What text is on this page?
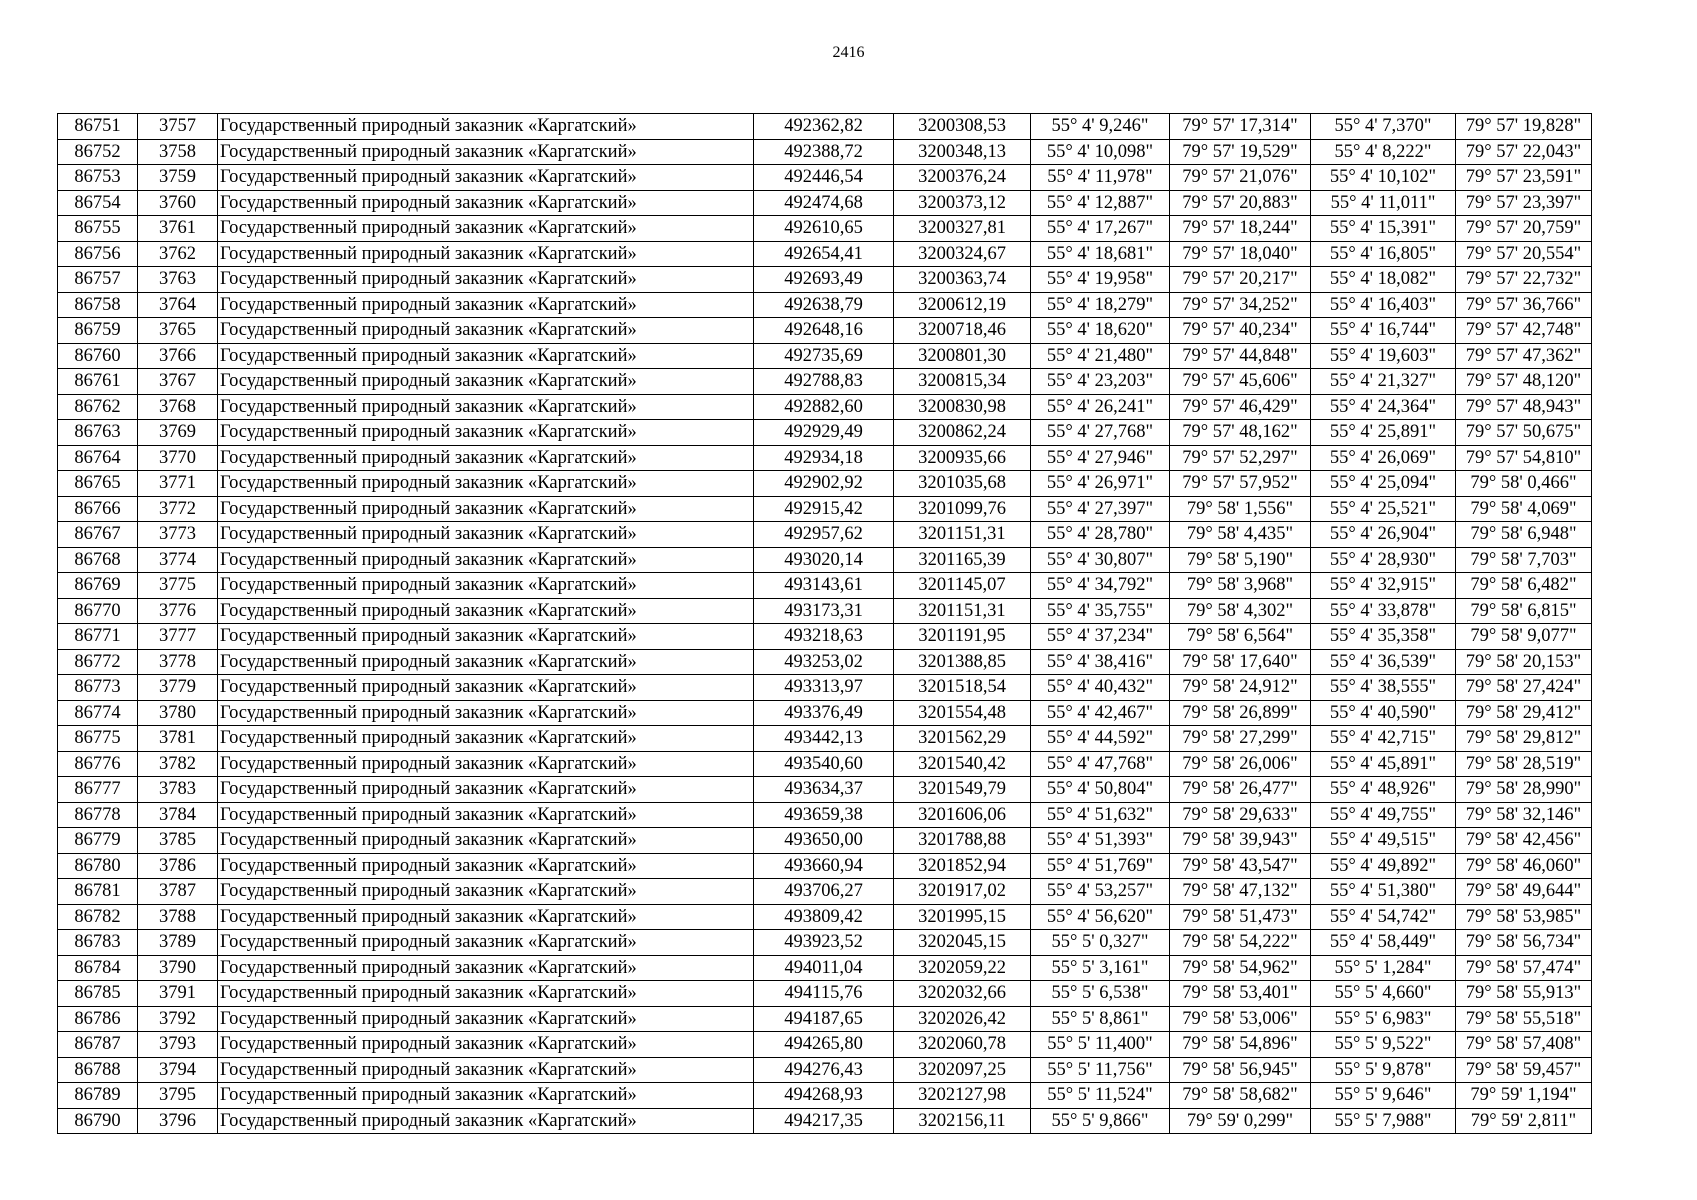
2416
86751	3757	Государственный природный заказник «Каргатский»	492362,82	3200308,53	55° 4' 9,246"	79° 57' 17,314"	55° 4' 7,370"	79° 57' 19,828"
86752	3758	Государственный природный заказник «Каргатский»	492388,72	3200348,13	55° 4' 10,098"	79° 57' 19,529"	55° 4' 8,222"	79° 57' 22,043"
86753	3759	Государственный природный заказник «Каргатский»	492446,54	3200376,24	55° 4' 11,978"	79° 57' 21,076"	55° 4' 10,102"	79° 57' 23,591"
86754	3760	Государственный природный заказник «Каргатский»	492474,68	3200373,12	55° 4' 12,887"	79° 57' 20,883"	55° 4' 11,011"	79° 57' 23,397"
86755	3761	Государственный природный заказник «Каргатский»	492610,65	3200327,81	55° 4' 17,267"	79° 57' 18,244"	55° 4' 15,391"	79° 57' 20,759"
86756	3762	Государственный природный заказник «Каргатский»	492654,41	3200324,67	55° 4' 18,681"	79° 57' 18,040"	55° 4' 16,805"	79° 57' 20,554"
86757	3763	Государственный природный заказник «Каргатский»	492693,49	3200363,74	55° 4' 19,958"	79° 57' 20,217"	55° 4' 18,082"	79° 57' 22,732"
86758	3764	Государственный природный заказник «Каргатский»	492638,79	3200612,19	55° 4' 18,279"	79° 57' 34,252"	55° 4' 16,403"	79° 57' 36,766"
86759	3765	Государственный природный заказник «Каргатский»	492648,16	3200718,46	55° 4' 18,620"	79° 57' 40,234"	55° 4' 16,744"	79° 57' 42,748"
86760	3766	Государственный природный заказник «Каргатский»	492735,69	3200801,30	55° 4' 21,480"	79° 57' 44,848"	55° 4' 19,603"	79° 57' 47,362"
86761	3767	Государственный природный заказник «Каргатский»	492788,83	3200815,34	55° 4' 23,203"	79° 57' 45,606"	55° 4' 21,327"	79° 57' 48,120"
86762	3768	Государственный природный заказник «Каргатский»	492882,60	3200830,98	55° 4' 26,241"	79° 57' 46,429"	55° 4' 24,364"	79° 57' 48,943"
86763	3769	Государственный природный заказник «Каргатский»	492929,49	3200862,24	55° 4' 27,768"	79° 57' 48,162"	55° 4' 25,891"	79° 57' 50,675"
86764	3770	Государственный природный заказник «Каргатский»	492934,18	3200935,66	55° 4' 27,946"	79° 57' 52,297"	55° 4' 26,069"	79° 57' 54,810"
86765	3771	Государственный природный заказник «Каргатский»	492902,92	3201035,68	55° 4' 26,971"	79° 57' 57,952"	55° 4' 25,094"	79° 58' 0,466"
86766	3772	Государственный природный заказник «Каргатский»	492915,42	3201099,76	55° 4' 27,397"	79° 58' 1,556"	55° 4' 25,521"	79° 58' 4,069"
86767	3773	Государственный природный заказник «Каргатский»	492957,62	3201151,31	55° 4' 28,780"	79° 58' 4,435"	55° 4' 26,904"	79° 58' 6,948"
86768	3774	Государственный природный заказник «Каргатский»	493020,14	3201165,39	55° 4' 30,807"	79° 58' 5,190"	55° 4' 28,930"	79° 58' 7,703"
86769	3775	Государственный природный заказник «Каргатский»	493143,61	3201145,07	55° 4' 34,792"	79° 58' 3,968"	55° 4' 32,915"	79° 58' 6,482"
86770	3776	Государственный природный заказник «Каргатский»	493173,31	3201151,31	55° 4' 35,755"	79° 58' 4,302"	55° 4' 33,878"	79° 58' 6,815"
86771	3777	Государственный природный заказник «Каргатский»	493218,63	3201191,95	55° 4' 37,234"	79° 58' 6,564"	55° 4' 35,358"	79° 58' 9,077"
86772	3778	Государственный природный заказник «Каргатский»	493253,02	3201388,85	55° 4' 38,416"	79° 58' 17,640"	55° 4' 36,539"	79° 58' 20,153"
86773	3779	Государственный природный заказник «Каргатский»	493313,97	3201518,54	55° 4' 40,432"	79° 58' 24,912"	55° 4' 38,555"	79° 58' 27,424"
86774	3780	Государственный природный заказник «Каргатский»	493376,49	3201554,48	55° 4' 42,467"	79° 58' 26,899"	55° 4' 40,590"	79° 58' 29,412"
86775	3781	Государственный природный заказник «Каргатский»	493442,13	3201562,29	55° 4' 44,592"	79° 58' 27,299"	55° 4' 42,715"	79° 58' 29,812"
86776	3782	Государственный природный заказник «Каргатский»	493540,60	3201540,42	55° 4' 47,768"	79° 58' 26,006"	55° 4' 45,891"	79° 58' 28,519"
86777	3783	Государственный природный заказник «Каргатский»	493634,37	3201549,79	55° 4' 50,804"	79° 58' 26,477"	55° 4' 48,926"	79° 58' 28,990"
86778	3784	Государственный природный заказник «Каргатский»	493659,38	3201606,06	55° 4' 51,632"	79° 58' 29,633"	55° 4' 49,755"	79° 58' 32,146"
86779	3785	Государственный природный заказник «Каргатский»	493650,00	3201788,88	55° 4' 51,393"	79° 58' 39,943"	55° 4' 49,515"	79° 58' 42,456"
86780	3786	Государственный природный заказник «Каргатский»	493660,94	3201852,94	55° 4' 51,769"	79° 58' 43,547"	55° 4' 49,892"	79° 58' 46,060"
86781	3787	Государственный природный заказник «Каргатский»	493706,27	3201917,02	55° 4' 53,257"	79° 58' 47,132"	55° 4' 51,380"	79° 58' 49,644"
86782	3788	Государственный природный заказник «Каргатский»	493809,42	3201995,15	55° 4' 56,620"	79° 58' 51,473"	55° 4' 54,742"	79° 58' 53,985"
86783	3789	Государственный природный заказник «Каргатский»	493923,52	3202045,15	55° 5' 0,327"	79° 58' 54,222"	55° 4' 58,449"	79° 58' 56,734"
86784	3790	Государственный природный заказник «Каргатский»	494011,04	3202059,22	55° 5' 3,161"	79° 58' 54,962"	55° 5' 1,284"	79° 58' 57,474"
86785	3791	Государственный природный заказник «Каргатский»	494115,76	3202032,66	55° 5' 6,538"	79° 58' 53,401"	55° 5' 4,660"	79° 58' 55,913"
86786	3792	Государственный природный заказник «Каргатский»	494187,65	3202026,42	55° 5' 8,861"	79° 58' 53,006"	55° 5' 6,983"	79° 58' 55,518"
86787	3793	Государственный природный заказник «Каргатский»	494265,80	3202060,78	55° 5' 11,400"	79° 58' 54,896"	55° 5' 9,522"	79° 58' 57,408"
86788	3794	Государственный природный заказник «Каргатский»	494276,43	3202097,25	55° 5' 11,756"	79° 58' 56,945"	55° 5' 9,878"	79° 58' 59,457"
86789	3795	Государственный природный заказник «Каргатский»	494268,93	3202127,98	55° 5' 11,524"	79° 58' 58,682"	55° 5' 9,646"	79° 59' 1,194"
86790	3796	Государственный природный заказник «Каргатский»	494217,35	3202156,11	55° 5' 9,866"	79° 59' 0,299"	55° 5' 7,988"	79° 59' 2,811"
